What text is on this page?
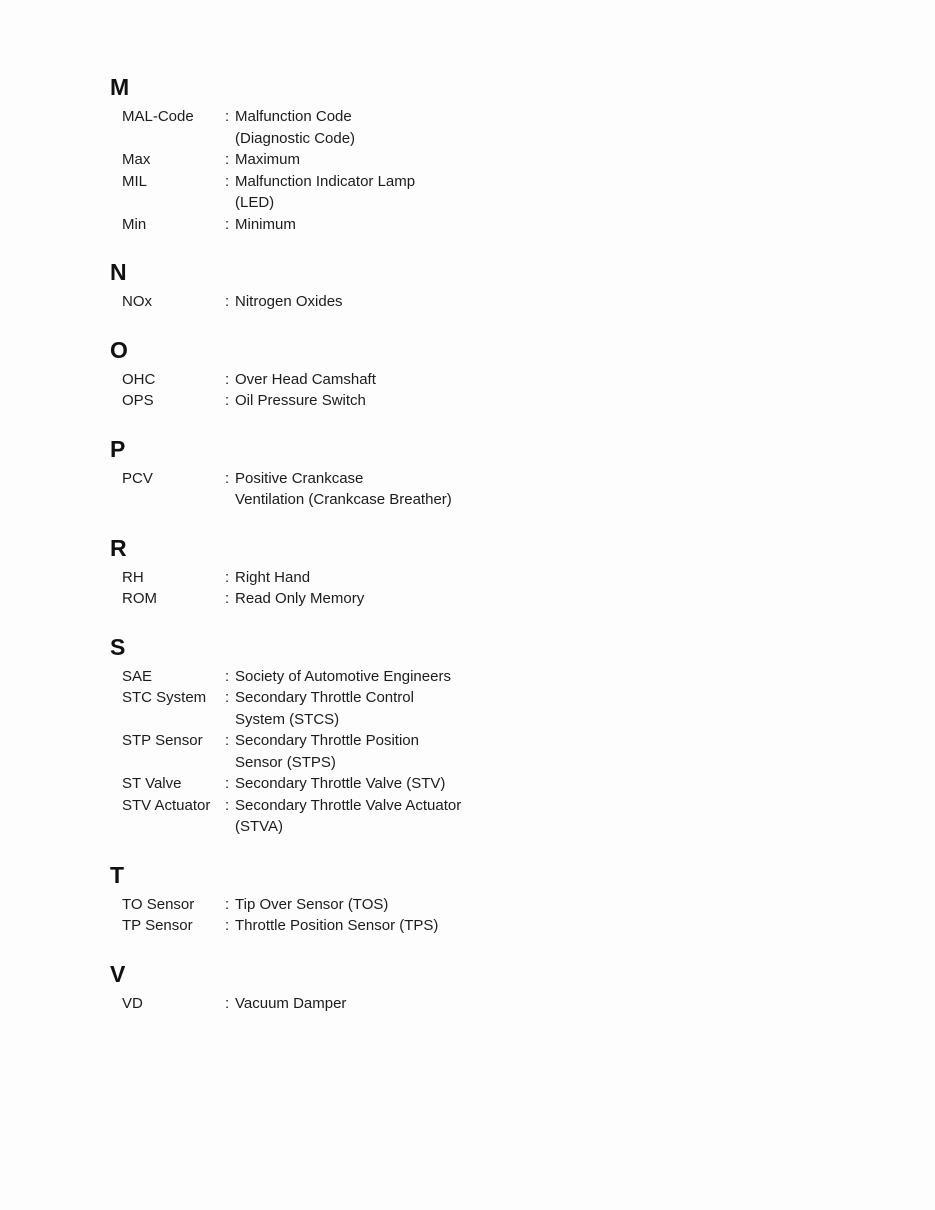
M
MAL-Code	: Malfunction Code
(Diagnostic Code)
Max	: Maximum
MIL	: Malfunction Indicator Lamp
(LED)
Min	: Minimum
N
NOx	: Nitrogen Oxides
O
OHC	: Over Head Camshaft
OPS	: Oil Pressure Switch
P
PCV	: Positive Crankcase
Ventilation (Crankcase Breather)
R
RH	: Right Hand
ROM	: Read Only Memory
S
SAE	: Society of Automotive Engineers
STC System	: Secondary Throttle Control
System (STCS)
STP Sensor	: Secondary Throttle Position
Sensor (STPS)
ST Valve	: Secondary Throttle Valve (STV)
STV Actuator : Secondary Throttle Valve Actuator
(STVA)
T
TO Sensor	: Tip Over Sensor (TOS)
TP Sensor	: Throttle Position Sensor (TPS)
V
VD	: Vacuum Damper
